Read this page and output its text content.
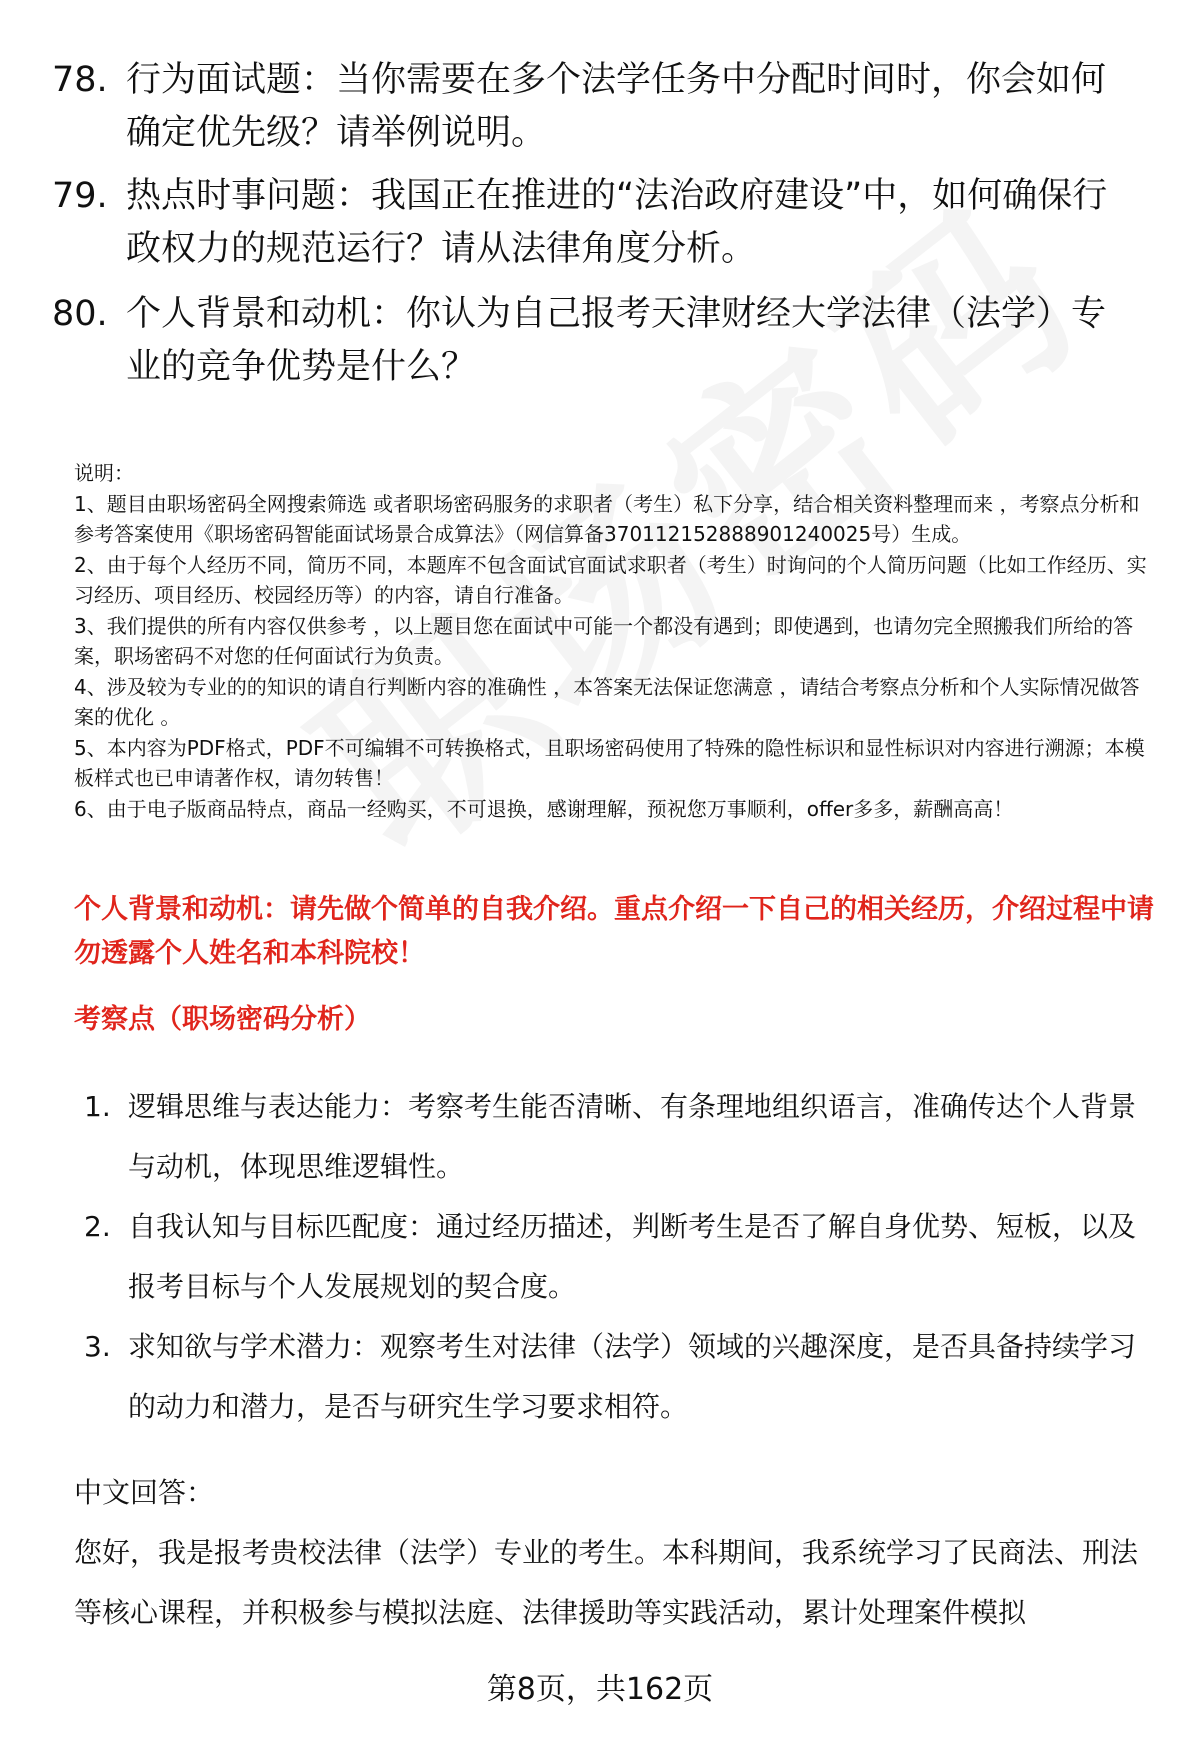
78. 行为面试题：当你需要在多个法学任务中分配时间时，你会如何确定优先级？请举例说明。
79. 热点时事问题：我国正在推进的“法治政府建设”中，如何确保行政权力的规范运行？请从法律角度分析。
80. 个人背景和动机：你认为自己报考天津财经大学法律（法学）专业的竞争优势是什么？

说明：

1、题目由职场密码全网搜索筛选 或者职场密码服务的求职者（考生）私下分享，结合相关资料整理而来 ，考察点分析和参考答案使用《职场密码智能面试场景合成算法》（网信算备370112152888901240025号）生成。

2、由于每个人经历不同，简历不同，本题库不包含面试官面试求职者（考生）时询问的个人简历问题（比如工作经历、实习经历、项目经历、校园经历等）的内容，请自行准备。

3、我们提供的所有内容仅供参考 ，以上题目您在面试中可能一个都没有遇到；即使遇到，也请勿完全照搬我们所给的答案，职场密码不对您的任何面试行为负责。

4、涉及较为专业的的知识的请自行判断内容的准确性 ，本答案无法保证您满意 ，请结合考察点分析和个人实际情况做答案的优化 。

5、本内容为PDF格式，PDF不可编辑不可转换格式，且职场密码使用了特殊的隐性标识和显性标识对内容进行溯源；本模板样式也已申请著作权，请勿转售！

6、由于电子版商品特点，商品一经购买，不可退换，感谢理解，预祝您万事顺利，offer多多，薪酬高高！

个人背景和动机：请先做个简单的自我介绍。重点介绍一下自己的相关经历，介绍过程中请勿透露个人姓名和本科院校！
考察点（职场密码分析）
1. 逻辑思维与表达能力：考察考生能否清晰、有条理地组织语言，准确传达个人背景与动机，体现思维逻辑性。
2. 自我认知与目标匹配度：通过经历描述，判断考生是否了解自身优势、短板，以及报考目标与个人发展规划的契合度。
3. 求知欲与学术潜力：观察考生对法律（法学）领域的兴趣深度，是否具备持续学习的动力和潜力，是否与研究生学习要求相符。
中文回答：
您好，我是报考贵校法律（法学）专业的考生。本科期间，我系统学习了民商法、刑法等核心课程，并积极参与模拟法庭、法律援助等实践活动，累计处理案件模拟
第8页，共162页
